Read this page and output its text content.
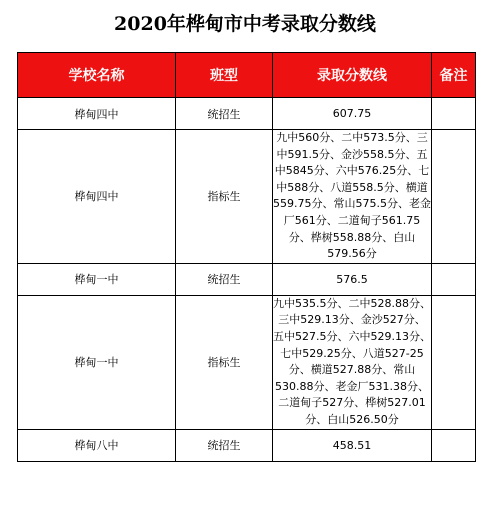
2020年桦甸市中考录取分数线
学校名称	班型	录取分数线	备注
桦甸四中	统招生	607.75	
桦甸四中	指标生	九中560分、二中573.5分、三中591.5分、金沙558.5分、五中5845分、六中576.25分、七中588分、八道558.5分、横道559.75分、常山575.5分、老金厂561分、二道甸子561.75分、桦树558.88分、白山579.56分	
桦甸一中	统招生	576.5	
桦甸一中	指标生	九中535.5分、二中528.88分、三中529.13分、金沙527分、五中527.5分、六中529.13分、七中529.25分、八道527-25分、横道527.88分、常山530.88分、老金厂531.38分、二道甸子527分、桦树527.01分、白山526.50分	
桦甸八中	统招生	458.51	
